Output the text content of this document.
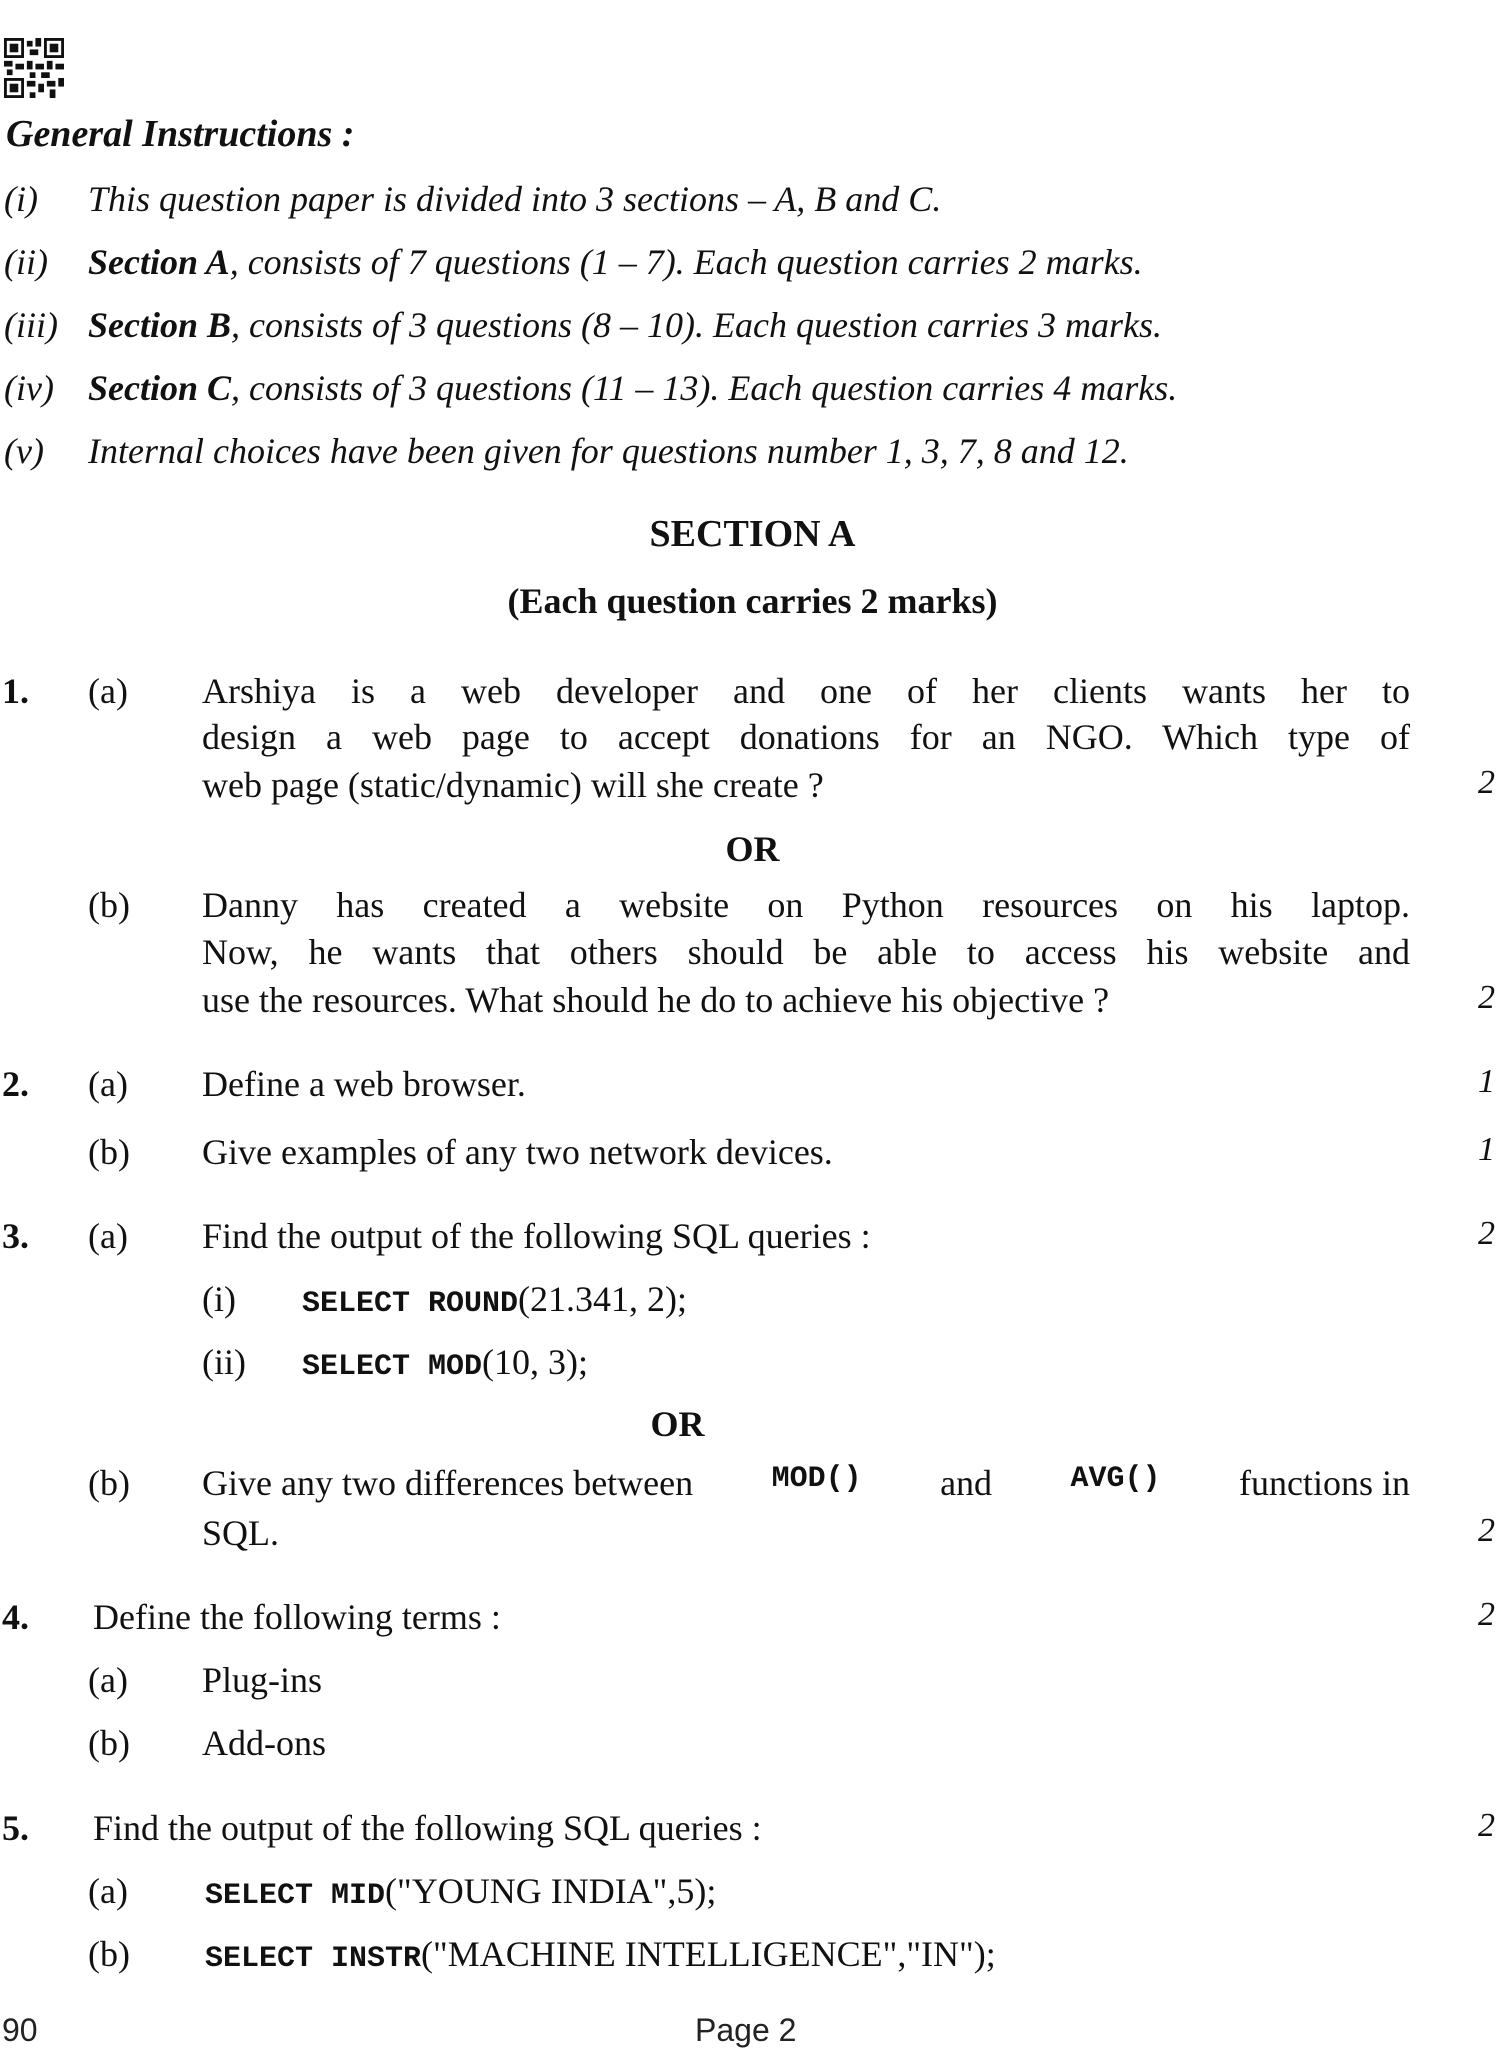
General Instructions :
(i) This question paper is divided into 3 sections – A, B and C.
(ii) Section A, consists of 7 questions (1 – 7). Each question carries 2 marks.
(iii) Section B, consists of 3 questions (8 – 10). Each question carries 3 marks.
(iv) Section C, consists of 3 questions (11 – 13). Each question carries 4 marks.
(v) Internal choices have been given for questions number 1, 3, 7, 8 and 12.
SECTION A
(Each question carries 2 marks)
1. (a) Arshiya is a web developer and one of her clients wants her to
design a web page to accept donations for an NGO. Which type of
web page (static/dynamic) will she create ?	2
OR
(b) Danny has created a website on Python resources on his laptop.
Now, he wants that others should be able to access his website and
use the resources. What should he do to achieve his objective ?	2
2. (a) Define a web browser.	1
(b) Give examples of any two network devices.	1
3. (a) Find the output of the following SQL queries :	2
(i) SELECT ROUND(21.341, 2);
(ii) SELECT MOD(10, 3);
OR
(b) Give any two differences between	MOD() and	AVG() functions in
SQL.	2
4. Define the following terms :	2
(a) Plug-ins
(b) Add-ons
5. Find the output of the following SQL queries :	2
(a)	SELECT MID("YOUNG INDIA",5);
(b)	SELECT INSTR("MACHINE INTELLIGENCE","IN");
90	Page 2
